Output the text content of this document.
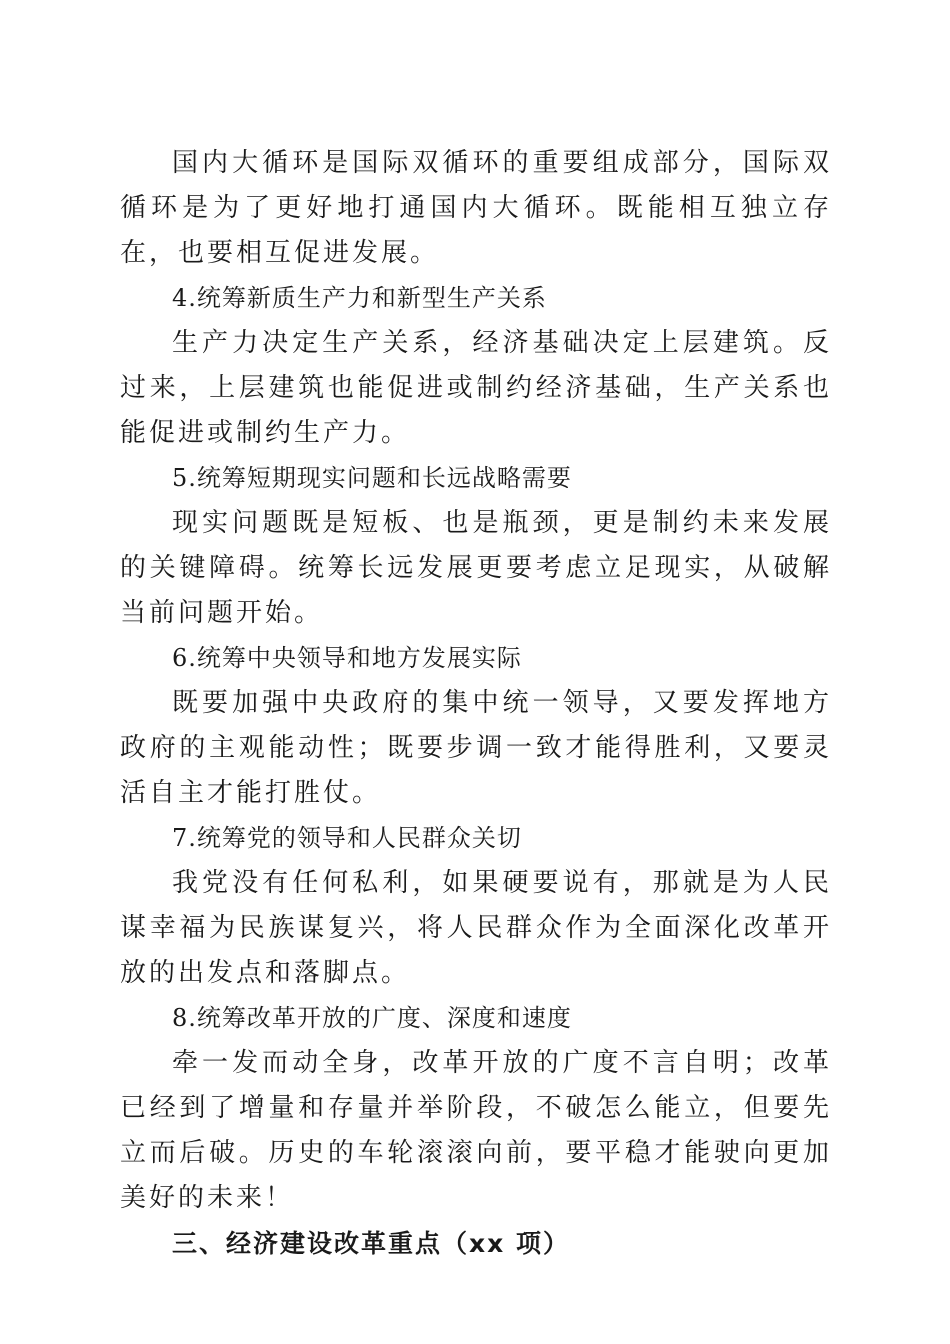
国内大循环是国际双循环的重要组成部分，国际双循环是为了更好地打通国内大循环。既能相互独立存在，也要相互促进发展。

4.统筹新质生产力和新型生产关系

生产力决定生产关系，经济基础决定上层建筑。反过来，上层建筑也能促进或制约经济基础，生产关系也能促进或制约生产力。

5.统筹短期现实问题和长远战略需要

现实问题既是短板、也是瓶颈，更是制约未来发展的关键障碍。统筹长远发展更要考虑立足现实，从破解当前问题开始。

6.统筹中央领导和地方发展实际

既要加强中央政府的集中统一领导，又要发挥地方政府的主观能动性；既要步调一致才能得胜利，又要灵活自主才能打胜仗。

7.统筹党的领导和人民群众关切

我党没有任何私利，如果硬要说有，那就是为人民谋幸福为民族谋复兴，将人民群众作为全面深化改革开放的出发点和落脚点。

8.统筹改革开放的广度、深度和速度

牵一发而动全身，改革开放的广度不言自明；改革已经到了增量和存量并举阶段，不破怎么能立，但要先立而后破。历史的车轮滚滚向前，要平稳才能驶向更加美好的未来！

三、经济建设改革重点（xx 项）
